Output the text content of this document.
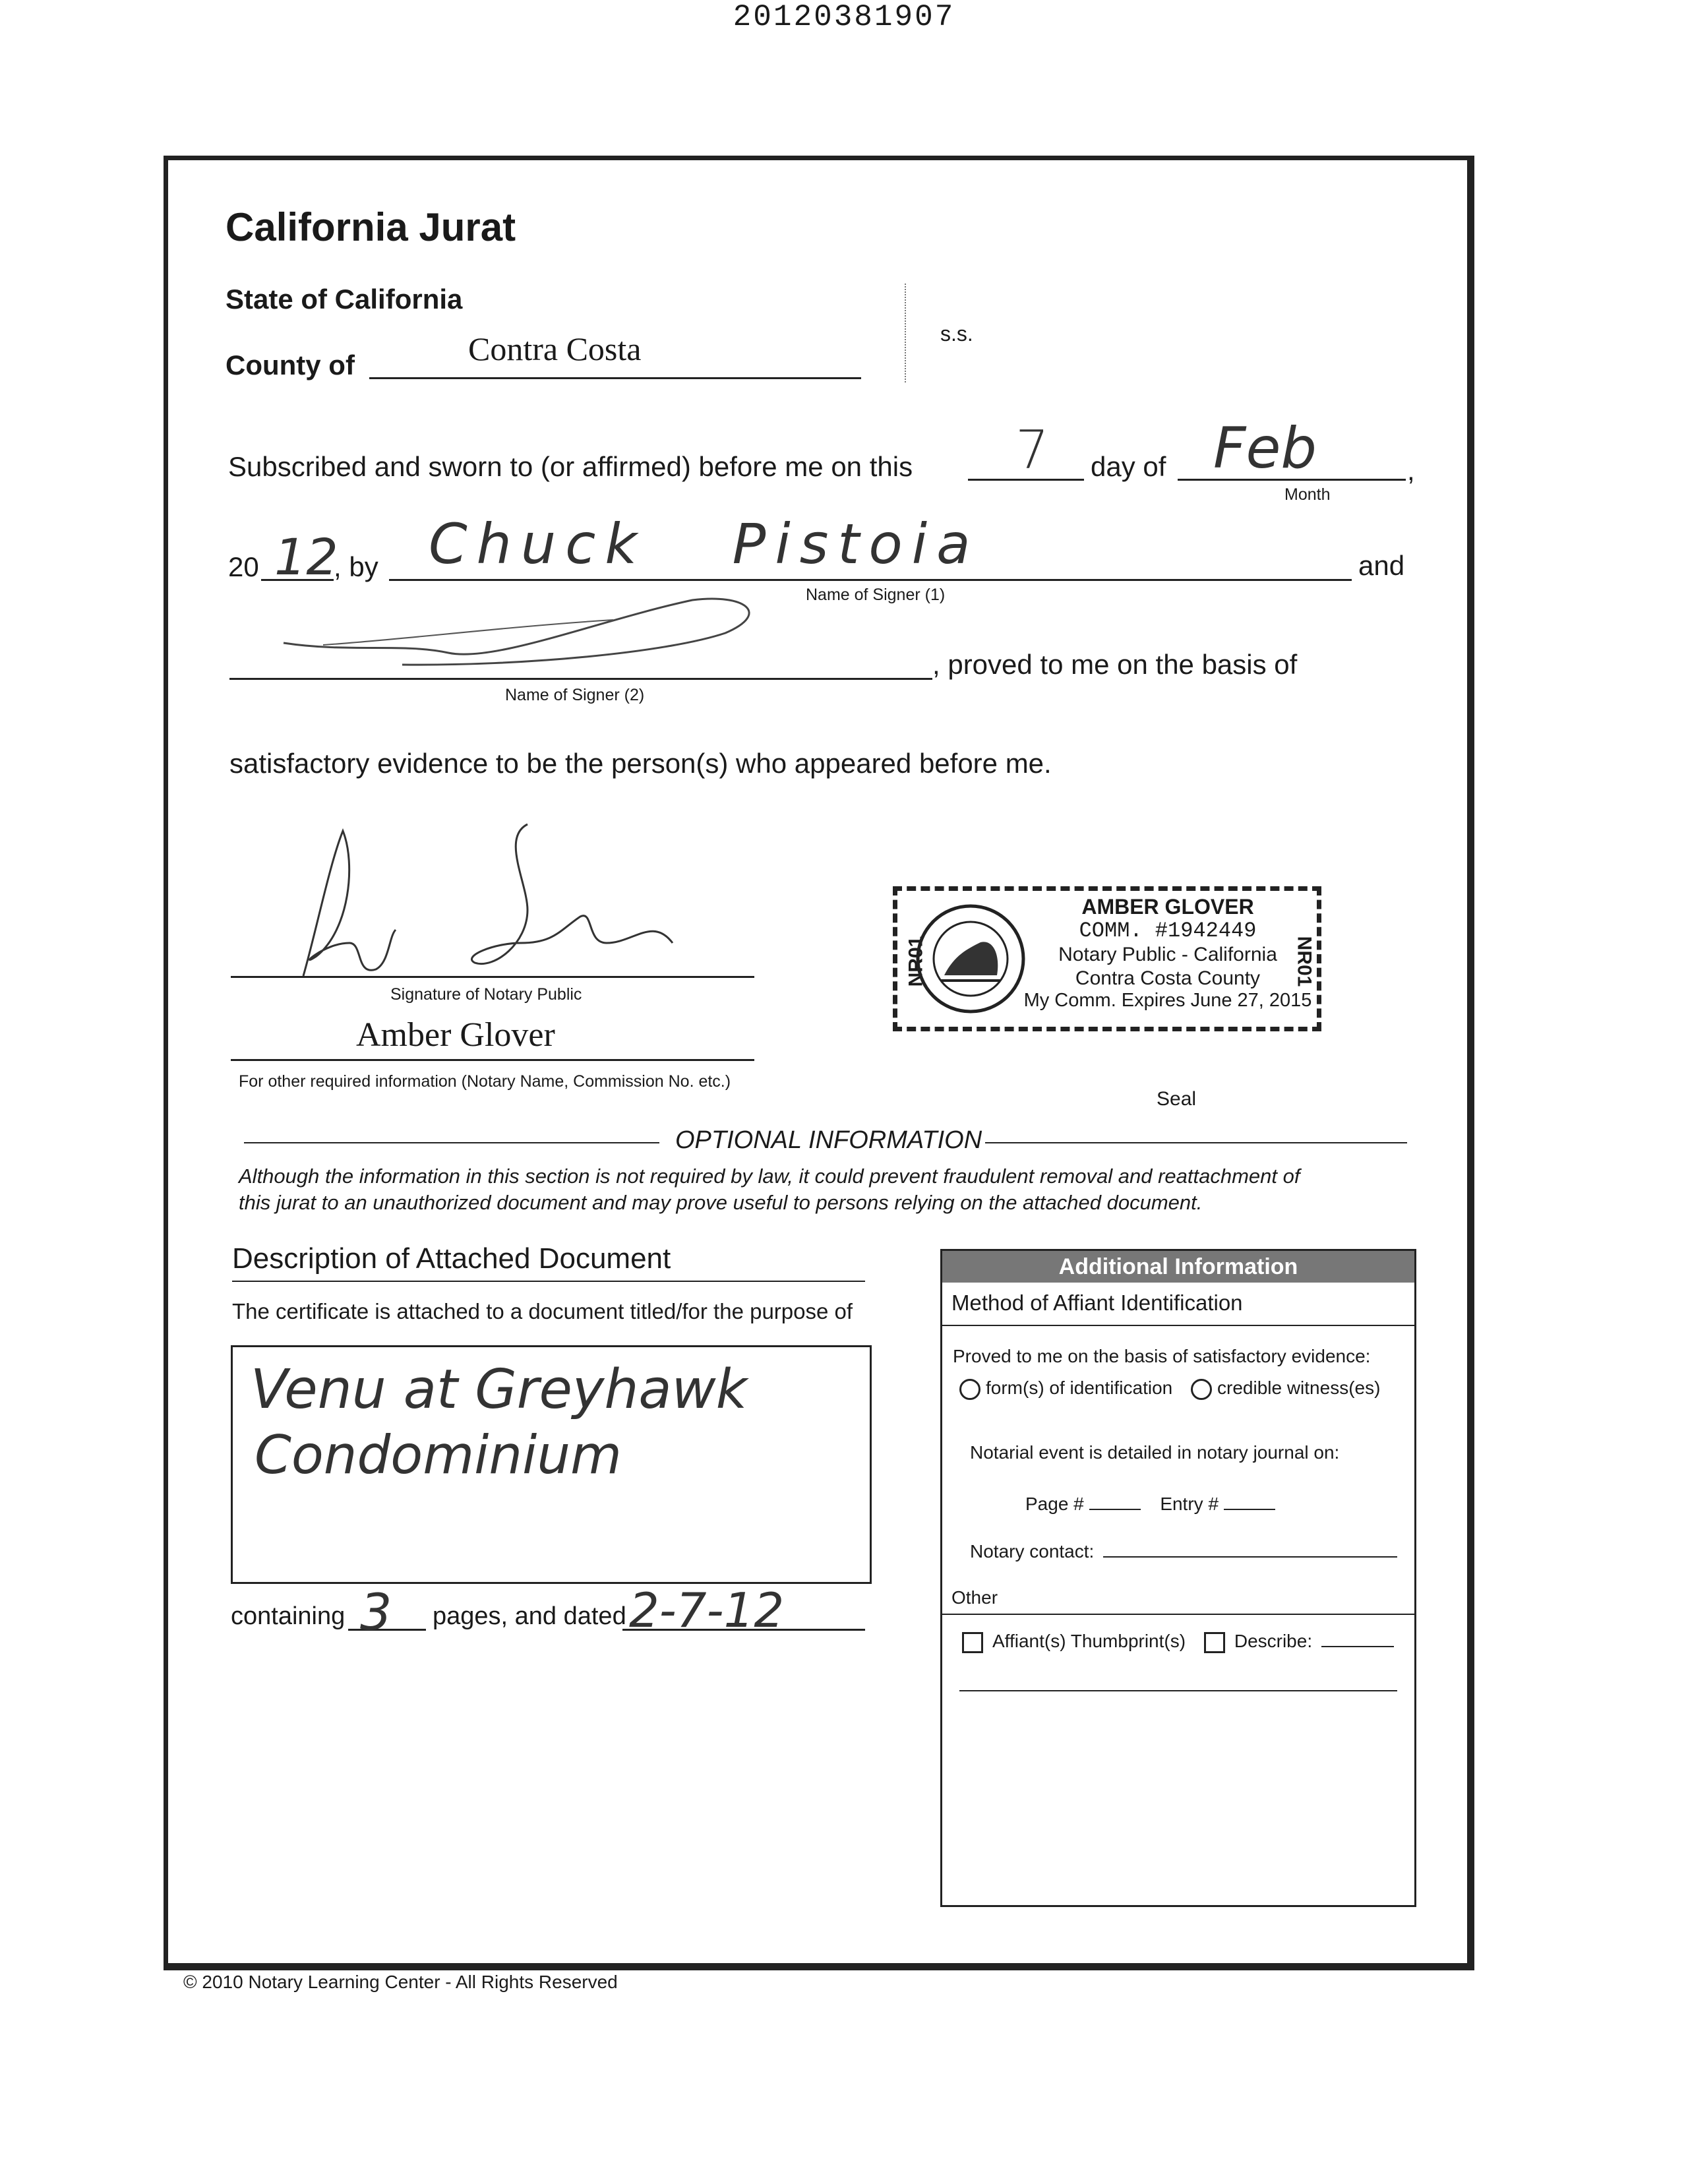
20120381907
California Jurat
State of California
County of	Contra Costa	s.s.
Subscribed and sworn to (or affirmed) before me on this 7 day of Feb	,
Month
20 12
, by Chuck Pistoia	and
Name of Signer (1)
, proved to me on the basis of
Name of Signer (2)
satisfactory evidence to be the person(s) who appeared before me.
Signature of Notary Public
Amber Glover
For other required information (Notary Name, Commission No. etc.)
NR01	NR01
AMBER GLOVER
COMM. #1942449
Notary Public - California
Contra Costa County
My Comm. Expires June 27, 2015
Seal
OPTIONAL INFORMATION
Although the information in this section is not required by law, it could prevent fraudulent removal and reattachment of
this jurat to an unauthorized document and may prove useful to persons relying on the attached document.
Description of Attached Document
The certificate is attached to a document titled/for the purpose of
Venu at Greyhawk
Condominium
containing 3 pages, and dated 2-7-12
Additional Information
Method of Affiant Identification
Proved to me on the basis of satisfactory evidence:
form(s) of identification credible witness(es)
Notarial event is detailed in notary journal on:
Page #	Entry #
Notary contact:
Other
Affiant(s) Thumbprint(s)	Describe:
© 2010 Notary Learning Center - All Rights Reserved
